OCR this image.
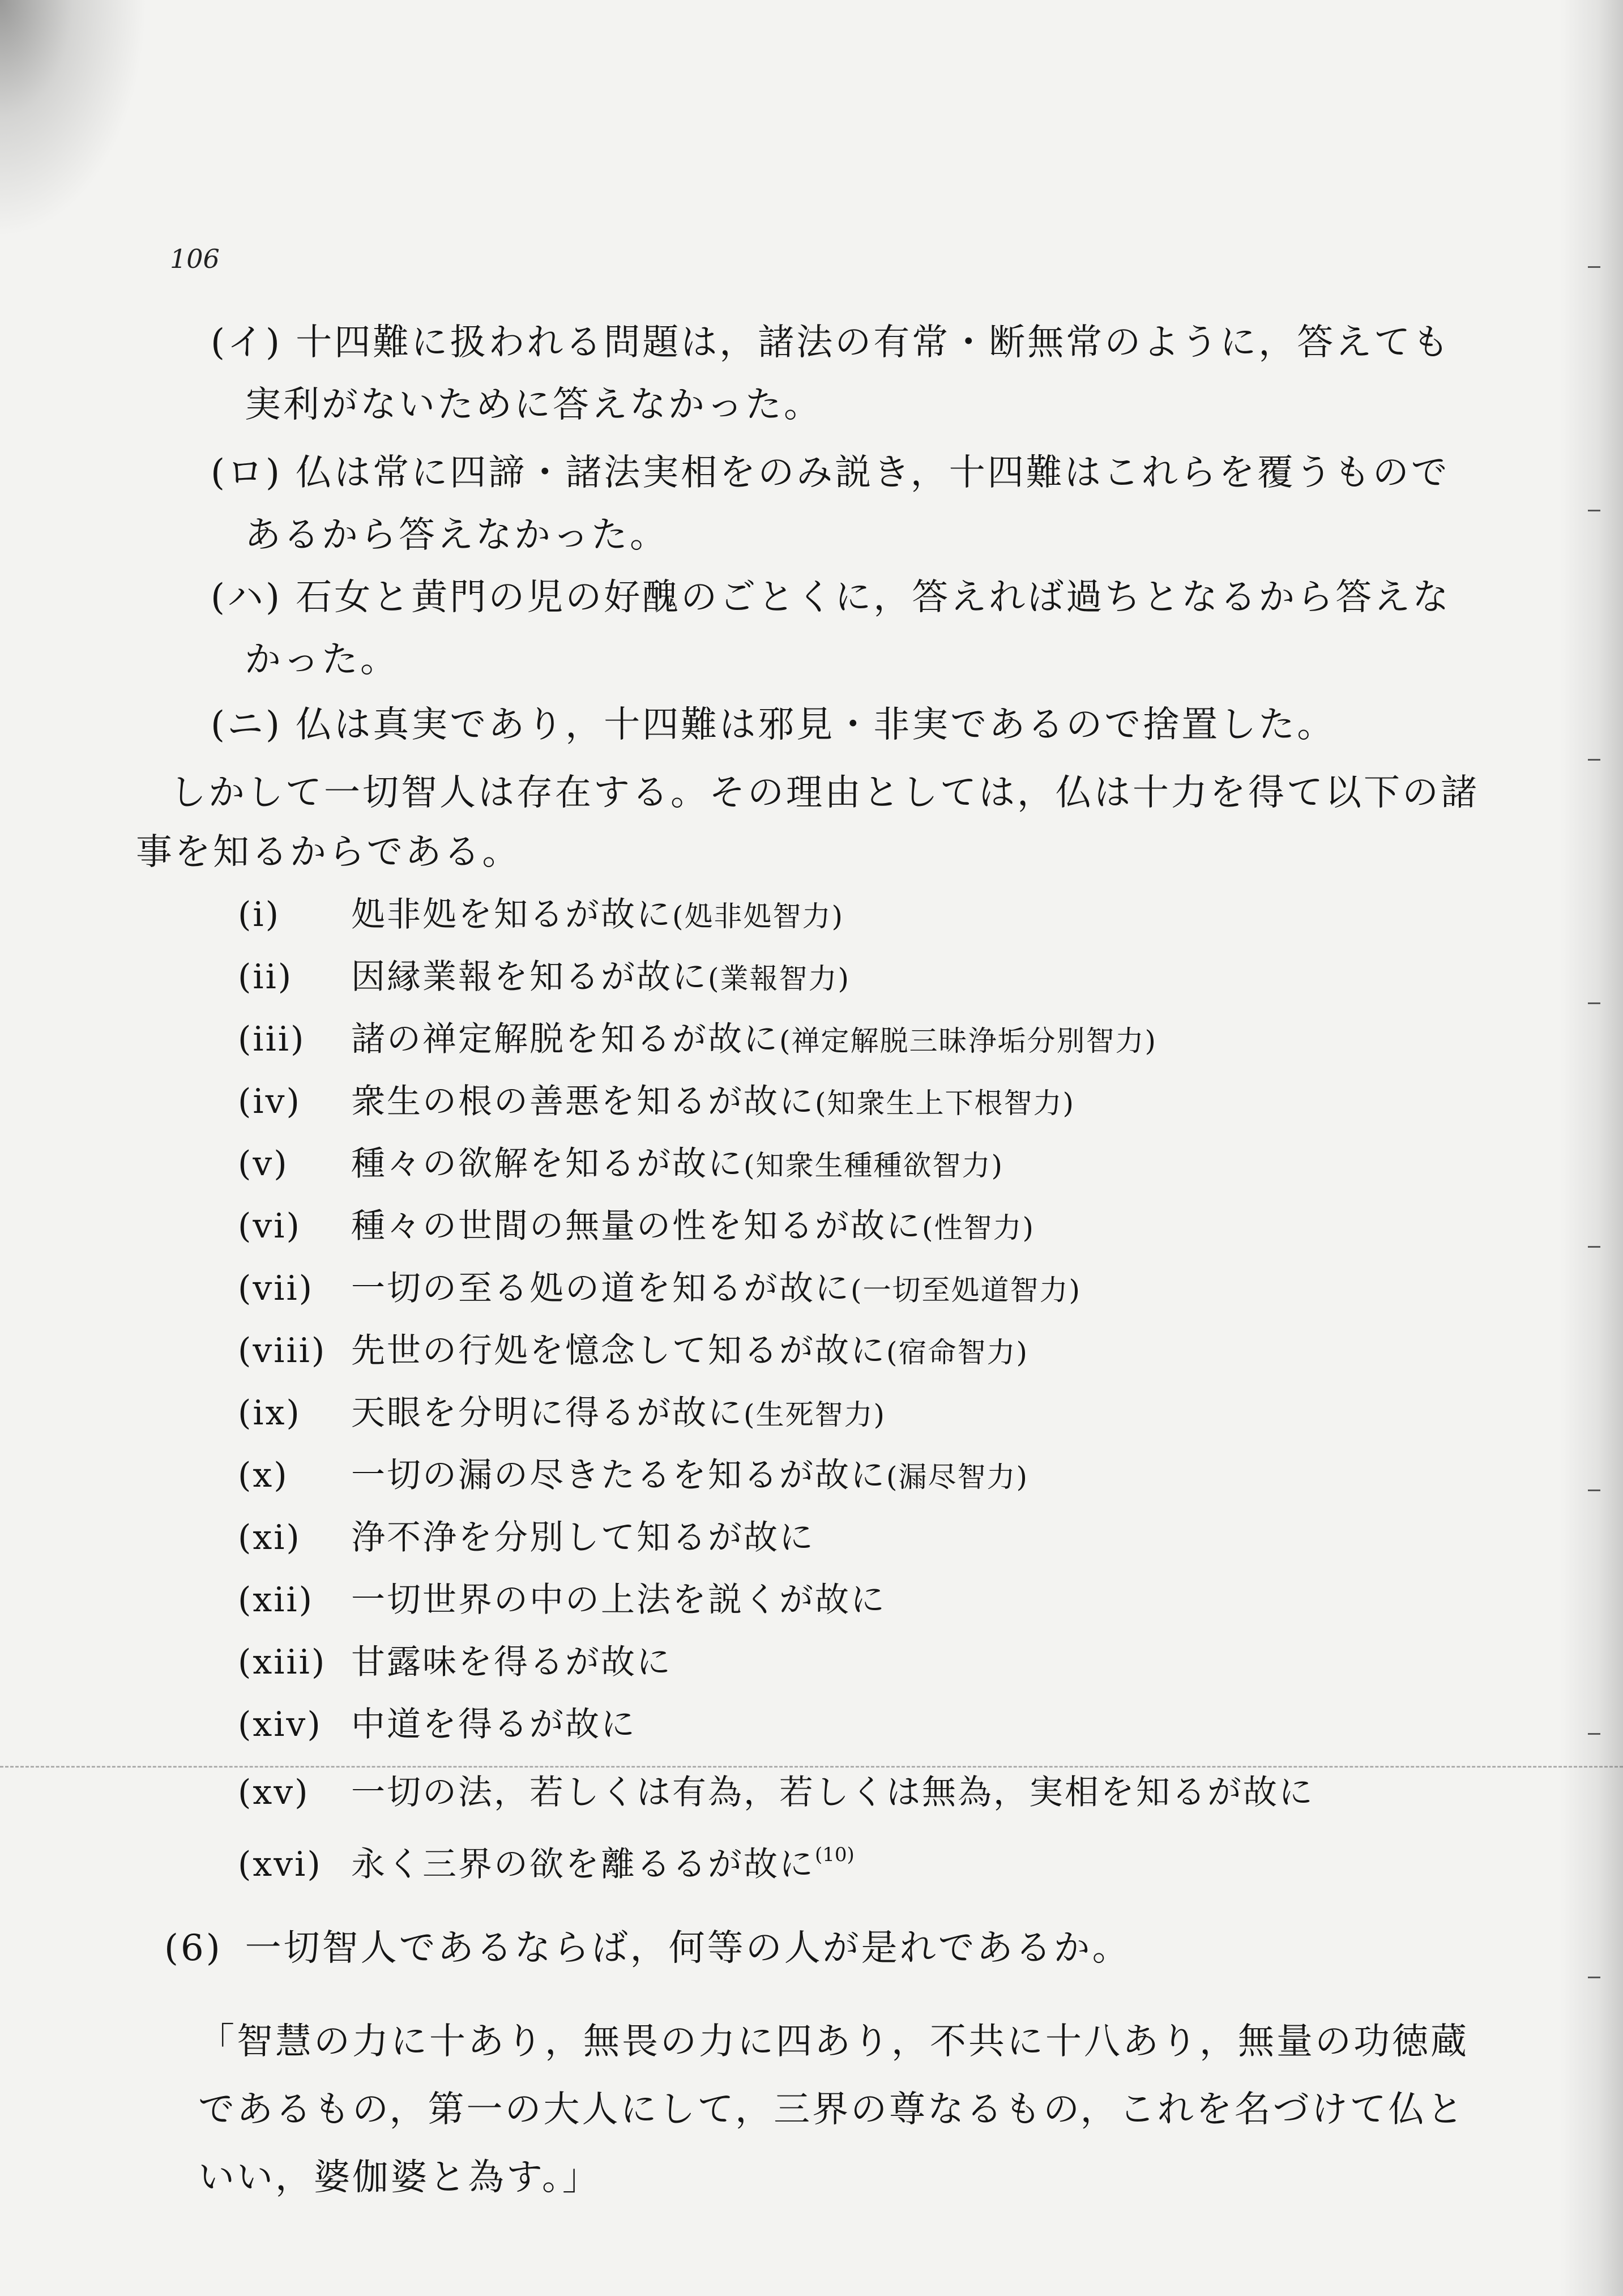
106
(イ) 十四難に扱われる問題は，諸法の有常・断無常のように，答えても
実利がないために答えなかった。
(ロ) 仏は常に四諦・諸法実相をのみ説き，十四難はこれらを覆うもので
あるから答えなかった。
(ハ) 石女と黄門の児の好醜のごとくに，答えれば過ちとなるから答えな
かった。
(ニ) 仏は真実であり，十四難は邪見・非実であるので捨置した。
しかして一切智人は存在する。その理由としては，仏は十力を得て以下の諸
事を知るからである。
(i) 処非処を知るが故に(処非処智力)
(ii) 因縁業報を知るが故に(業報智力)
(iii) 諸の禅定解脱を知るが故に(禅定解脱三昧浄垢分別智力)
(iv) 衆生の根の善悪を知るが故に(知衆生上下根智力)
(v) 種々の欲解を知るが故に(知衆生種種欲智力)
(vi) 種々の世間の無量の性を知るが故に(性智力)
(vii) 一切の至る処の道を知るが故に(一切至処道智力)
(viii) 先世の行処を憶念して知るが故に(宿命智力)
(ix) 天眼を分明に得るが故に(生死智力)
(x) 一切の漏の尽きたるを知るが故に(漏尽智力)
(xi) 浄不浄を分別して知るが故に
(xii) 一切世界の中の上法を説くが故に
(xiii) 甘露味を得るが故に
(xiv) 中道を得るが故に
(xv) 一切の法，若しくは有為，若しくは無為，実相を知るが故に
(xvi) 永く三界の欲を離るるが故に$^{(10)}$
(6) 一切智人であるならば，何等の人が是れであるか。
「智慧の力に十あり，無畏の力に四あり，不共に十八あり，無量の功徳蔵
であるもの，第一の大人にして，三界の尊なるもの，これを名づけて仏と
いい，婆伽婆と為す。」
